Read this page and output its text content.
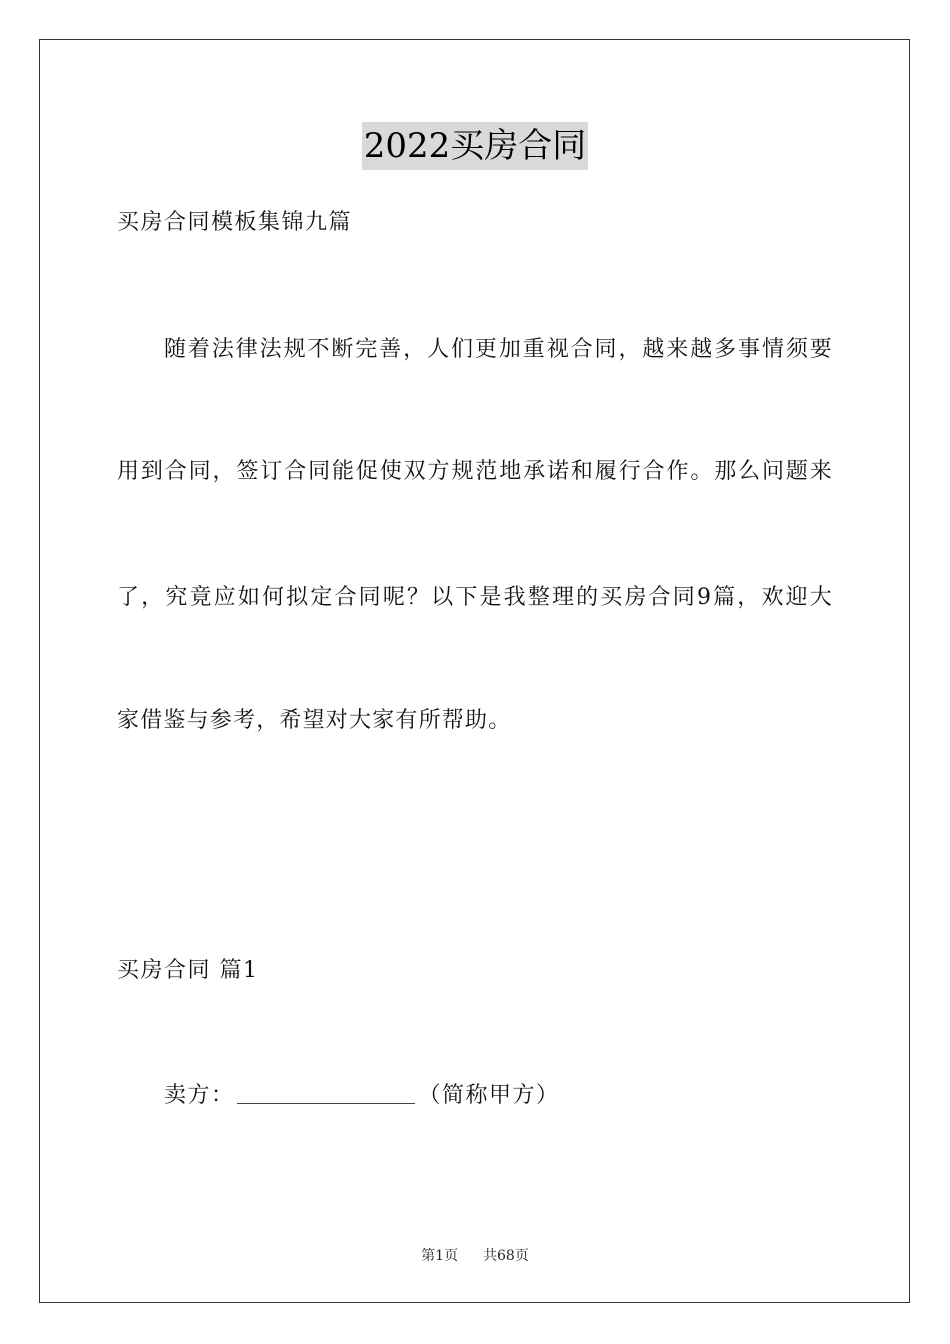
2022买房合同
买房合同模板集锦九篇
随着法律法规不断完善，人们更加重视合同，越来越多事情须要
用到合同，签订合同能促使双方规范地承诺和履行合作。那么问题来
了，究竟应如何拟定合同呢？以下是我整理的买房合同9篇，欢迎大
家借鉴与参考，希望对大家有所帮助。
买房合同 篇1
卖方：	（简称甲方）
第1页 共68页
